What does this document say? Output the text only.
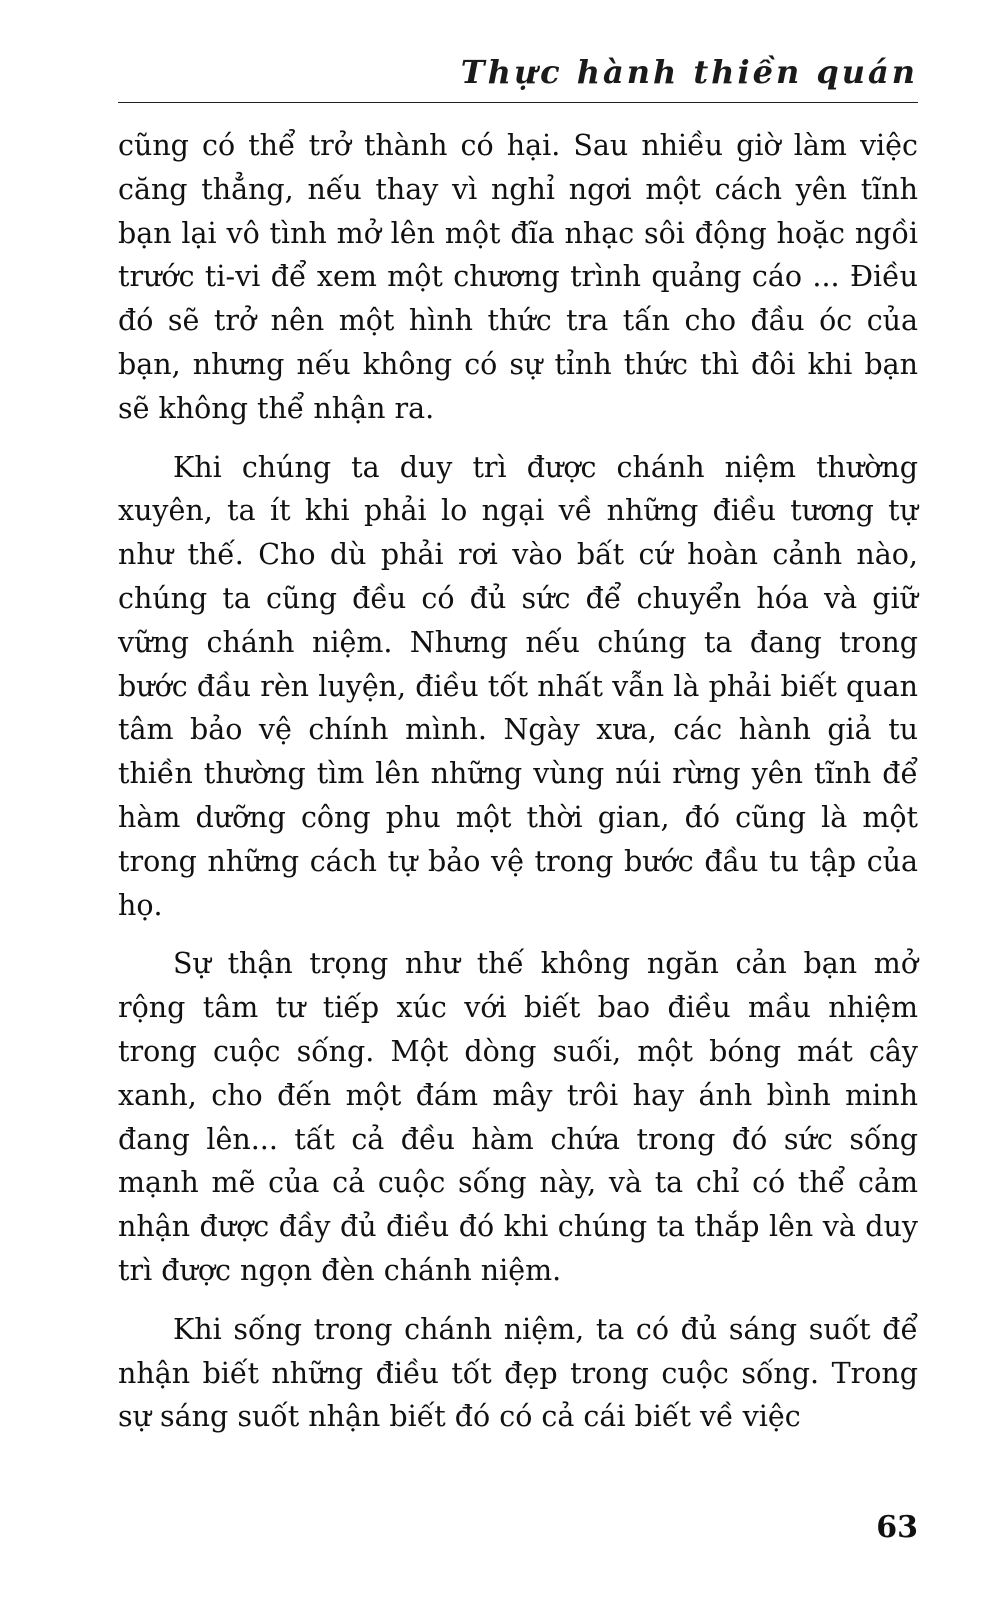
Thực hành thiền quán

cũng có thể trở thành có hại. Sau nhiều giờ làm việc căng thẳng, nếu thay vì nghỉ ngơi một cách yên tĩnh bạn lại vô tình mở lên một đĩa nhạc sôi động hoặc ngồi trước ti-vi để xem một chương trình quảng cáo ... Điều đó sẽ trở nên một hình thức tra tấn cho đầu óc của bạn, nhưng nếu không có sự tỉnh thức thì đôi khi bạn sẽ không thể nhận ra.

Khi chúng ta duy trì được chánh niệm thường xuyên, ta ít khi phải lo ngại về những điều tương tự như thế. Cho dù phải rơi vào bất cứ hoàn cảnh nào, chúng ta cũng đều có đủ sức để chuyển hóa và giữ vững chánh niệm. Nhưng nếu chúng ta đang trong bước đầu rèn luyện, điều tốt nhất vẫn là phải biết quan tâm bảo vệ chính mình. Ngày xưa, các hành giả tu thiền thường tìm lên những vùng núi rừng yên tĩnh để hàm dưỡng công phu một thời gian, đó cũng là một trong những cách tự bảo vệ trong bước đầu tu tập của họ.

Sự thận trọng như thế không ngăn cản bạn mở rộng tâm tư tiếp xúc với biết bao điều mầu nhiệm trong cuộc sống. Một dòng suối, một bóng mát cây xanh, cho đến một đám mây trôi hay ánh bình minh đang lên... tất cả đều hàm chứa trong đó sức sống mạnh mẽ của cả cuộc sống này, và ta chỉ có thể cảm nhận được đầy đủ điều đó khi chúng ta thắp lên và duy trì được ngọn đèn chánh niệm.

Khi sống trong chánh niệm, ta có đủ sáng suốt để nhận biết những điều tốt đẹp trong cuộc sống. Trong sự sáng suốt nhận biết đó có cả cái biết về việc

63
